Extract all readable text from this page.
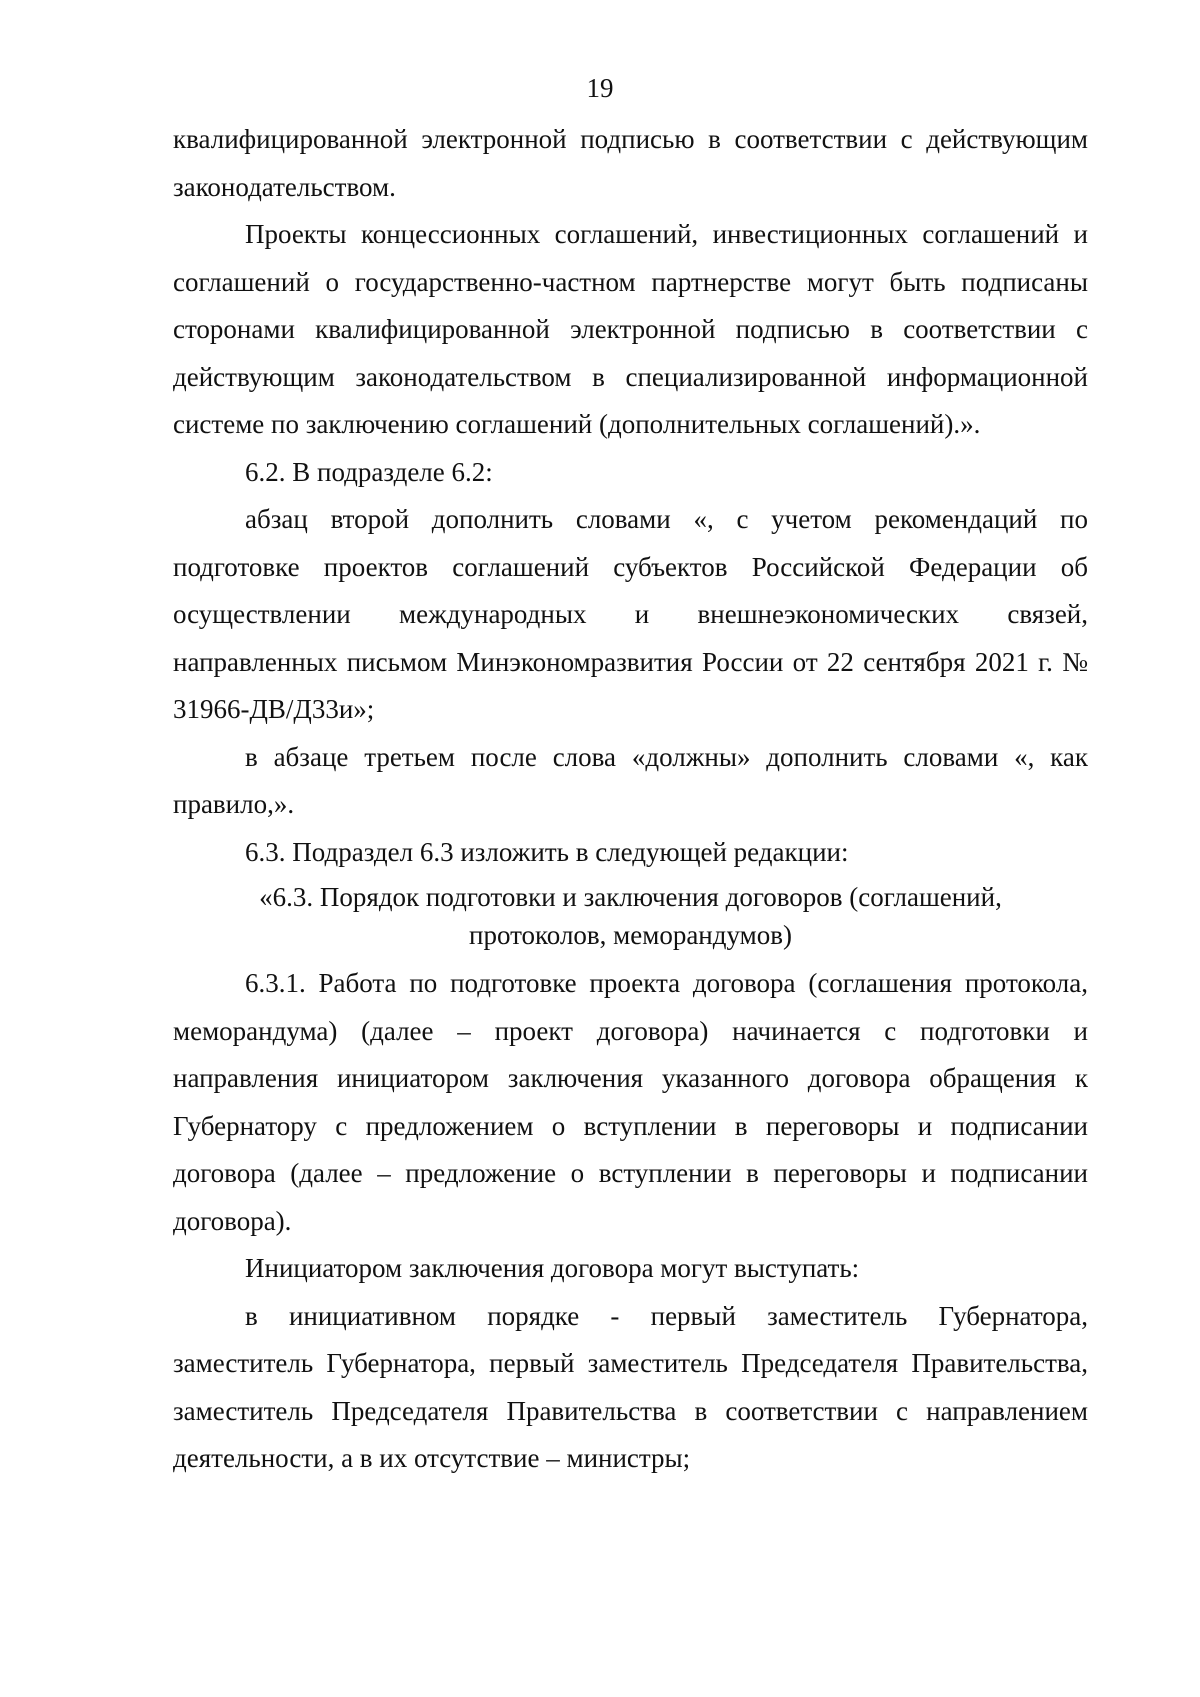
19

квалифицированной электронной подписью в соответствии с действующим законодательством.

Проекты концессионных соглашений, инвестиционных соглашений и соглашений о государственно-частном партнерстве могут быть подписаны сторонами квалифицированной электронной подписью в соответствии с действующим законодательством в специализированной информационной системе по заключению соглашений (дополнительных соглашений).».

6.2. В подразделе 6.2:

абзац второй дополнить словами «, с учетом рекомендаций по подготовке проектов соглашений субъектов Российской Федерации об осуществлении международных и внешнеэкономических связей, направленных письмом Минэкономразвития России от 22 сентября 2021 г. № 31966-ДВ/Д33и»;

в абзаце третьем после слова «должны» дополнить словами «, как правило,».

6.3. Подраздел 6.3 изложить в следующей редакции:

«6.3. Порядок подготовки и заключения договоров (соглашений,
протоколов, меморандумов)

6.3.1. Работа по подготовке проекта договора (соглашения протокола, меморандума) (далее – проект договора) начинается с подготовки и направления инициатором заключения указанного договора обращения к Губернатору с предложением о вступлении в переговоры и подписании договора (далее – предложение о вступлении в переговоры и подписании договора).

Инициатором заключения договора могут выступать:

в инициативном порядке - первый заместитель Губернатора, заместитель Губернатора, первый заместитель Председателя Правительства, заместитель Председателя Правительства в соответствии с направлением деятельности, а в их отсутствие – министры;
